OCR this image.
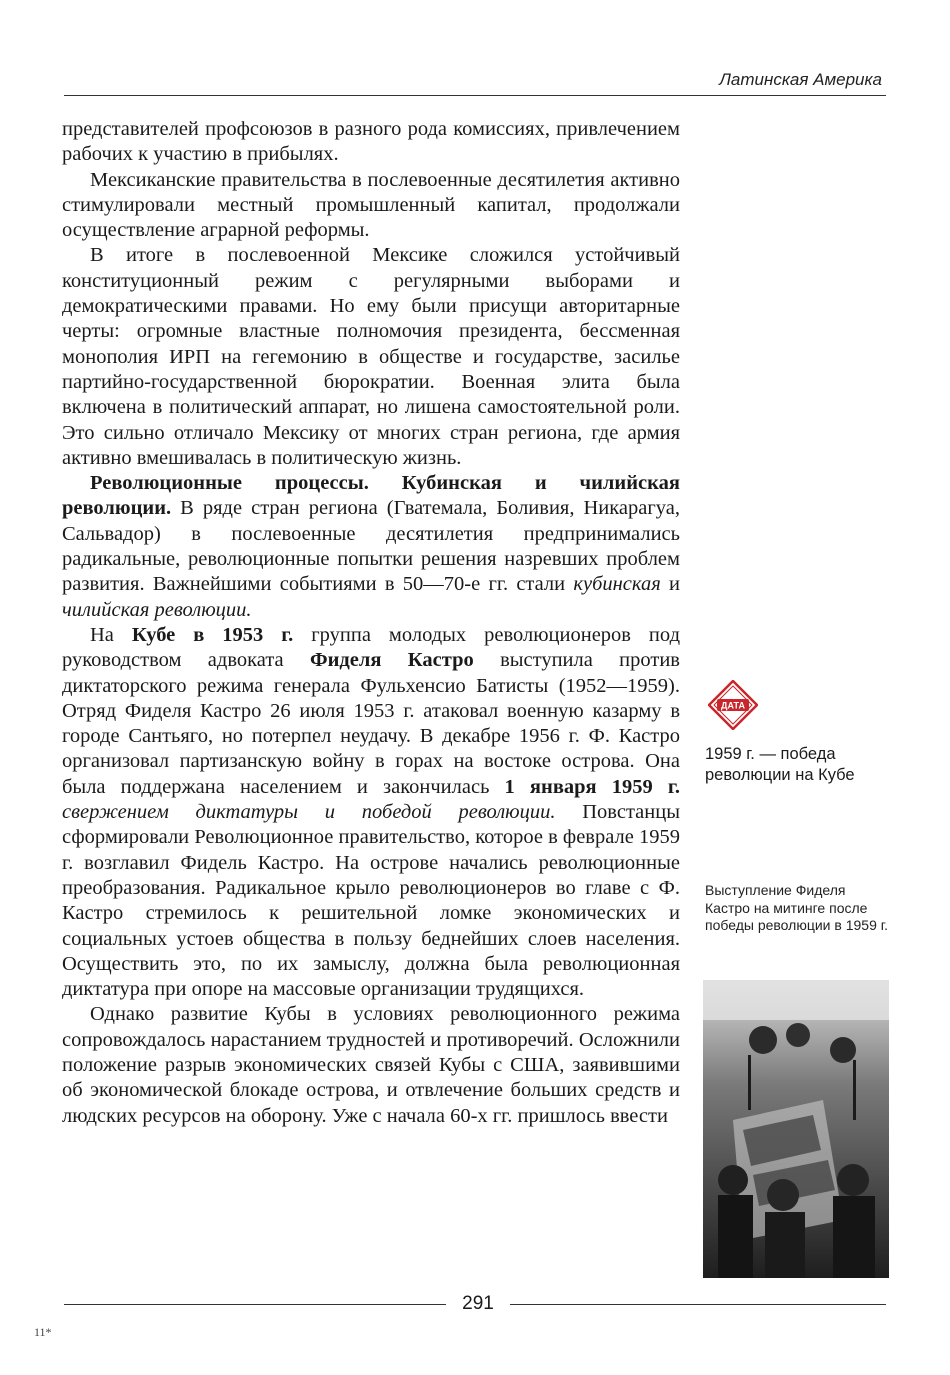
Латинская Америка

представителей профсоюзов в разного рода комиссиях, привлечением рабочих к участию в прибылях.

Мексиканские правительства в послевоенные десятилетия активно стимулировали местный промышленный капитал, продолжали осуществление аграрной реформы.

В итоге в послевоенной Мексике сложился устойчивый конституционный режим с регулярными выборами и демократическими правами. Но ему были присущи авторитарные черты: огромные властные полномочия президента, бессменная монополия ИРП на гегемонию в обществе и государстве, засилье партийно-государственной бюрократии. Военная элита была включена в политический аппарат, но лишена самостоятельной роли. Это сильно отличало Мексику от многих стран региона, где армия активно вмешивалась в политическую жизнь.

Революционные процессы. Кубинская и чилийская революции. В ряде стран региона (Гватемала, Боливия, Никарагуа, Сальвадор) в послевоенные десятилетия предпринимались радикальные, революционные попытки решения назревших проблем развития. Важнейшими событиями в 50—70-е гг. стали кубинская и чилийская революции.

На Кубе в 1953 г. группа молодых революционеров под руководством адвоката Фиделя Кастро выступила против диктаторского режима генерала Фульхенсио Батисты (1952—1959). Отряд Фиделя Кастро 26 июля 1953 г. атаковал военную казарму в городе Сантьяго, но потерпел неудачу. В декабре 1956 г. Ф. Кастро организовал партизанскую войну в горах на востоке острова. Она была поддержана населением и закончилась 1 января 1959 г. свержением диктатуры и победой революции. Повстанцы сформировали Революционное правительство, которое в феврале 1959 г. возглавил Фидель Кастро. На острове начались революционные преобразования. Радикальное крыло революционеров во главе с Ф. Кастро стремилось к решительной ломке экономических и социальных устоев общества в пользу беднейших слоев населения. Осуществить это, по их замыслу, должна была революционная диктатура при опоре на массовые организации трудящихся.

Однако развитие Кубы в условиях революционного режима сопровождалось нарастанием трудностей и противоречий. Осложнили положение разрыв экономических связей Кубы с США, заявившими об экономической блокаде острова, и отвлечение больших средств и людских ресурсов на оборону. Уже с начала 60-х гг. пришлось ввести

ДАТА
1959 г. — победа революции на Кубе
Выступление Фиделя Кастро на митинге после победы революции в 1959 г.
291
11*
